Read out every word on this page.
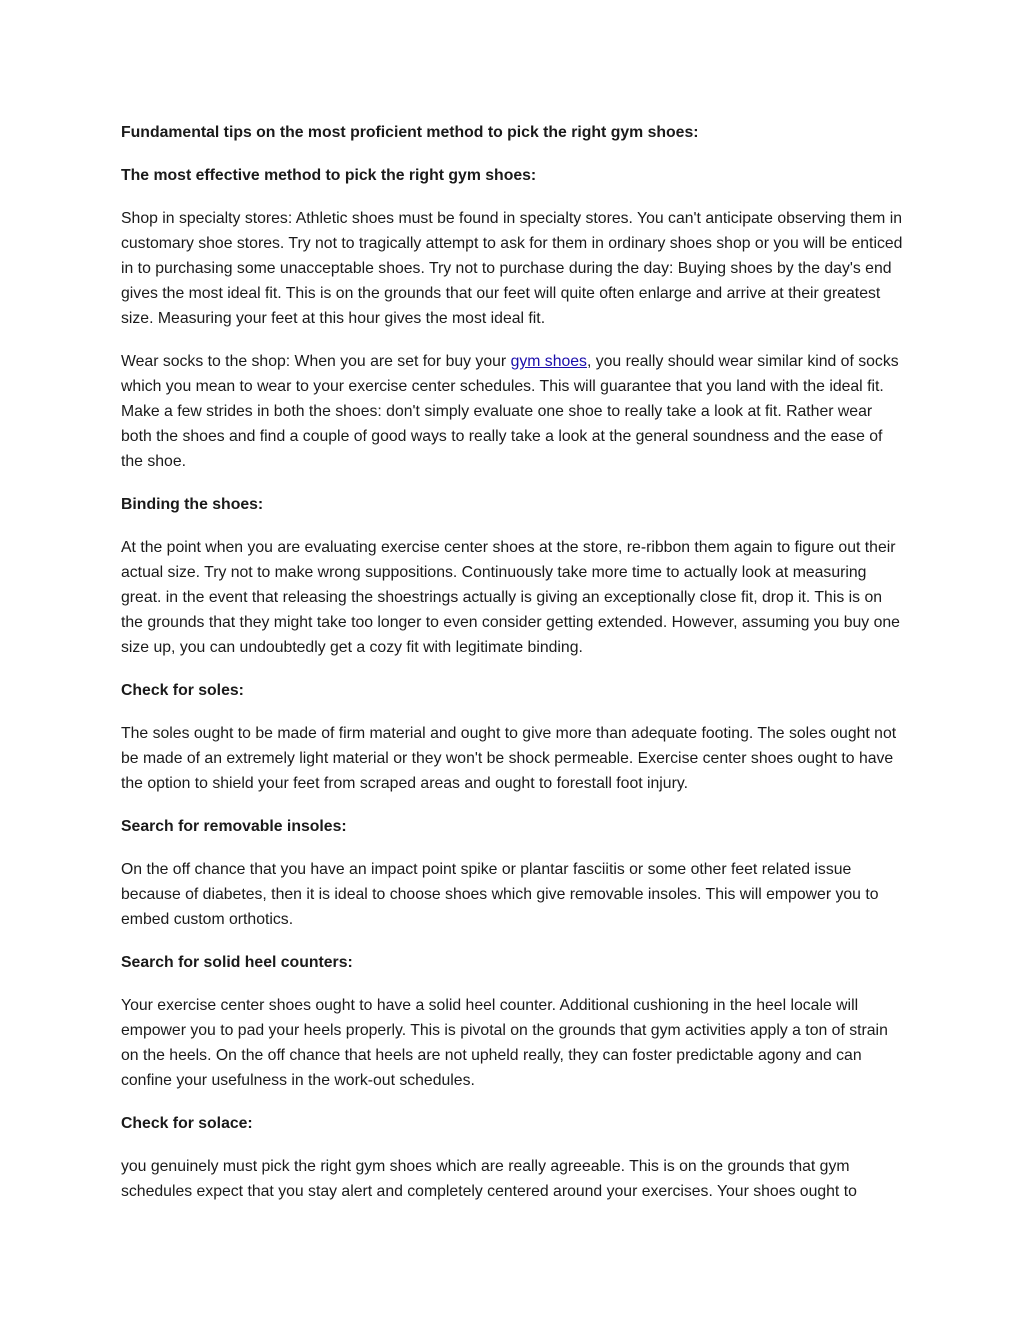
Fundamental tips on the most proficient method to pick the right gym shoes:
The most effective method to pick the right gym shoes:

Shop in specialty stores: Athletic shoes must be found in specialty stores. You can't anticipate observing them in customary shoe stores. Try not to tragically attempt to ask for them in ordinary shoes shop or you will be enticed in to purchasing some unacceptable shoes. Try not to purchase during the day: Buying shoes by the day's end gives the most ideal fit. This is on the grounds that our feet will quite often enlarge and arrive at their greatest size. Measuring your feet at this hour gives the most ideal fit.

Wear socks to the shop: When you are set for buy your gym shoes, you really should wear similar kind of socks which you mean to wear to your exercise center schedules. This will guarantee that you land with the ideal fit. Make a few strides in both the shoes: don't simply evaluate one shoe to really take a look at fit. Rather wear both the shoes and find a couple of good ways to really take a look at the general soundness and the ease of the shoe.

Binding the shoes:

At the point when you are evaluating exercise center shoes at the store, re-ribbon them again to figure out their actual size. Try not to make wrong suppositions. Continuously take more time to actually look at measuring great. in the event that releasing the shoestrings actually is giving an exceptionally close fit, drop it. This is on the grounds that they might take too longer to even consider getting extended. However, assuming you buy one size up, you can undoubtedly get a cozy fit with legitimate binding.

Check for soles:

The soles ought to be made of firm material and ought to give more than adequate footing. The soles ought not be made of an extremely light material or they won't be shock permeable. Exercise center shoes ought to have the option to shield your feet from scraped areas and ought to forestall foot injury.

Search for removable insoles:

On the off chance that you have an impact point spike or plantar fasciitis or some other feet related issue because of diabetes, then it is ideal to choose shoes which give removable insoles. This will empower you to embed custom orthotics.

Search for solid heel counters:

Your exercise center shoes ought to have a solid heel counter. Additional cushioning in the heel locale will empower you to pad your heels properly. This is pivotal on the grounds that gym activities apply a ton of strain on the heels. On the off chance that heels are not upheld really, they can foster predictable agony and can confine your usefulness in the work-out schedules.

Check for solace:

you genuinely must pick the right gym shoes which are really agreeable. This is on the grounds that gym schedules expect that you stay alert and completely centered around your exercises. Your shoes ought to
